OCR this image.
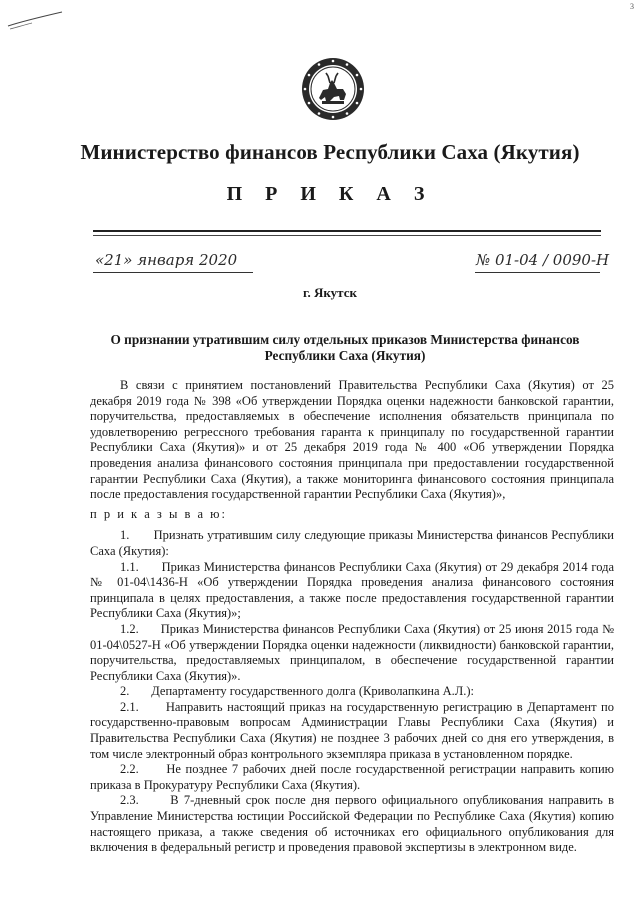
3
Министерство финансов Республики Саха (Якутия)
П Р И К А З
«21» января 2020	№ 01-04 / 0090-Н
г. Якутск
О признании утратившим силу отдельных приказов Министерства финансов Республики Саха (Якутия)

В связи с принятием постановлений Правительства Республики Саха (Якутия) от 25 декабря 2019 года № 398 «Об утверждении Порядка оценки надежности банковской гарантии, поручительства, предоставляемых в обеспечение исполнения обязательств принципала по удовлетворению регрессного требования гаранта к принципалу по государственной гарантии Республики Саха (Якутия)» и от 25 декабря 2019 года № 400 «Об утверждении Порядка проведения анализа финансового состояния принципала при предоставлении государственной гарантии Республики Саха (Якутия), а также мониторинга финансового состояния принципала после предоставления государственной гарантии Республики Саха (Якутия)»,

п р и к а з ы в а ю:

1. Признать утратившим силу следующие приказы Министерства финансов Республики Саха (Якутия):

1.1. Приказ Министерства финансов Республики Саха (Якутия) от 29 декабря 2014 года № 01-04\1436-Н «Об утверждении Порядка проведения анализа финансового состояния принципала в целях предоставления, а также после предоставления государственной гарантии Республики Саха (Якутия)»;

1.2. Приказ Министерства финансов Республики Саха (Якутия) от 25 июня 2015 года № 01-04\0527-Н «Об утверждении Порядка оценки надежности (ликвидности) банковской гарантии, поручительства, предоставляемых принципалом, в обеспечение государственной гарантии Республики Саха (Якутия)».

2. Департаменту государственного долга (Криволапкина А.Л.):

2.1. Направить настоящий приказ на государственную регистрацию в Департамент по государственно-правовым вопросам Администрации Главы Республики Саха (Якутия) и Правительства Республики Саха (Якутия) не позднее 3 рабочих дней со дня его утверждения, в том числе электронный образ контрольного экземпляра приказа в установленном порядке.

2.2. Не позднее 7 рабочих дней после государственной регистрации направить копию приказа в Прокуратуру Республики Саха (Якутия).

2.3.	В 7-дневный срок после дня первого официального опубликования направить в Управление Министерства юстиции Российской Федерации по Республике Саха (Якутия) копию настоящего приказа, а также сведения об источниках его официального опубликования для включения в федеральный регистр и проведения правовой экспертизы в электронном виде.
